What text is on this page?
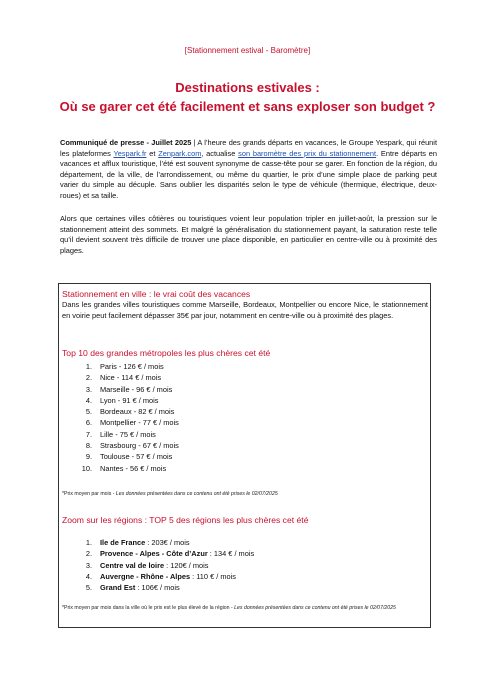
[Stationnement estival - Baromètre]
Destinations estivales :
Où se garer cet été facilement et sans exploser son budget ?
Communiqué de presse - Juillet 2025 | A l’heure des grands départs en vacances, le Groupe Yespark, qui réunit les plateformes Yespark.fr et Zenpark.com, actualise son baromètre des prix du stationnement. Entre départs en vacances et afflux touristique, l’été est souvent synonyme de casse-tête pour se garer. En fonction de la région, du département, de la ville, de l’arrondissement, ou même du quartier, le prix d’une simple place de parking peut varier du simple au décuple. Sans oublier les disparités selon le type de véhicule (thermique, électrique, deux-roues) et sa taille.
Alors que certaines villes côtières ou touristiques voient leur population tripler en juillet-août, la pression sur le stationnement atteint des sommets. Et malgré la généralisation du stationnement payant, la saturation reste telle qu’il devient souvent très difficile de trouver une place disponible, en particulier en centre-ville ou à proximité des plages.
Stationnement en ville : le vrai coût des vacances
Dans les grandes villes touristiques comme Marseille, Bordeaux, Montpellier ou encore Nice, le stationnement en voirie peut facilement dépasser 35€ par jour, notamment en centre-ville ou à proximité des plages.
Top 10 des grandes métropoles les plus chères cet été
1. Paris - 126 € / mois
2. Nice - 114 € / mois
3. Marseille - 96 € / mois
4. Lyon - 91 € / mois
5. Bordeaux - 82 € / mois
6. Montpellier - 77 € / mois
7. Lille - 75 € / mois
8. Strasbourg - 67 € / mois
9. Toulouse - 57 € / mois
10. Nantes - 56 € / mois
*Prix moyen par mois - Les données présentées dans ce contenu ont été prises le 02/07/2025
Zoom sur les régions : TOP 5 des régions les plus chères cet été
1. Ile de France : 203€ / mois
2. Provence - Alpes - Côte d’Azur : 134 € / mois
3. Centre val de loire : 120€ / mois
4. Auvergne - Rhône - Alpes : 110 € / mois
5. Grand Est : 106€ / mois
*Prix moyen par mois dans la ville où le prix est le plus élevé de la région - Les données présentées dans ce contenu ont été prises le 02/07/2025
